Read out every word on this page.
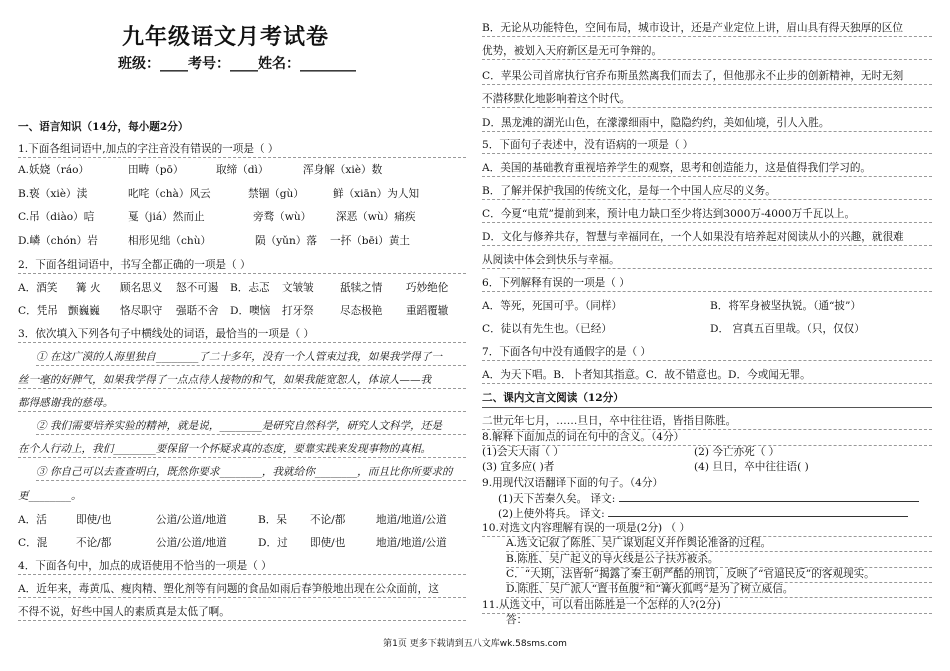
九年级语文月考试卷
班级：____考号：____姓名：________
一、语言知识（14分，每小题2分）
1.下面各组词语中,加点的字注音没有错误的一项是（ ）
A.妖娆（ráo）	田畴（pō）	取缔（dì）	浑身解（xiè）数
B.亵（xiè）渎	叱咤（chà）风云	禁锢（gù）	鲜（xiān）为人知
C.吊（diào）唁	戛（jiá）然而止	旁骛（wù） 深恶（wù）痛疾
D.嶙（chón）岩	相形见绌（chù）	陨（yǔn）落 一抔（bēi）黄土
2．下面各组词语中，书写全都正确的一项是（ ）
A．酒笑 篝 火 顾名思义 怒不可遏 B．忐忑 文皱皱 舐犊之情 巧妙绝伦
C．凭吊 颤巍巍 恪尽职守 强聒不舍 D．噢恼 打牙祭 尽态极艳 重蹈覆辙
3．依次填入下列各句子中横线处的词语，最恰当的一项是（ ）
① 在这广漠的人海里独自________了二十多年，没有一个人管束过我，如果我学得了一
丝一毫的好脾气，如果我学得了一点点待人接物的和气，如果我能宽恕人，体谅人——我
都得感谢我的慈母。
② 我们需要培养实验的精神，就是说，________是研究自然科学，研究人文科学，还是
在个人行动上，我们________要保留一个怀疑求真的态度，要靠实践来发现事物的真相。
③ 你自己可以去查查明白，既然你要求________，我就给你________，而且比你所要求的
更________。
A．活	即使/也	公道/公道/地道	B．呆 不论/都	地道/地道/公道
C．混	不论/都	公道/公道/地道	D．过 即使/也	地道/地道/公道
4．下面各句中，加点的成语使用不恰当的一项是（ ）
A．近年来，毒黄瓜、瘦肉精、塑化剂等有问题的食品如雨后春笋般地出现在公众面前，这
不得不说，好些中国人的素质真是太低了啊。
B．无论从功能特色，空间布局，城市设计，还是产业定位上讲，眉山具有得天独厚的区位
优势，被划入天府新区是无可争辩的。
C．苹果公司首席执行官乔布斯虽然离我们而去了，但他那永不止步的创新精神，无时无刻
不潜移默化地影响着这个时代。
D．黑龙滩的湖光山色，在濛濛细雨中，隐隐约约，美如仙境，引人入胜。
5．下面句子表述中，没有语病的一项是（ ）
A．美国的基础教育重视培养学生的观察，思考和创造能力，这是值得我们学习的。
B．了解并保护我国的传统文化，是每一个中国人应尽的义务。
C．今夏“电荒”提前到来，预计电力缺口至少将达到3000万-4000万千瓦以上。
D．文化与修养共存，智慧与幸福同在，一个人如果没有培养起对阅读从小的兴趣，就很难
从阅读中体会到快乐与幸福。
6．下列解释有误的一项是（ ）
A．等死，死国可乎。（同样）	B．将军身被坚执锐。（通“披”）
C．徒以有先生也。（已经）	D． 宫真五百里哉。（只，仅仅）
7．下面各句中没有通假字的是（ ）
A．为天下唱。B．卜者知其指意。C．故不错意也。D．今或闻无罪。
二、课内文言文阅读（12分）
二世元年七月，……旦日，卒中往往语，皆指目陈胜。
8.解释下面加点的词在句中的含义。（4分）
(1)会天大雨（ ）	(2) 今亡亦死（ ）
(3) 宜多应( )者	(4) 旦日，卒中往往语( )
9.用现代汉语翻译下面的句子。（4分）
(1)天下苦秦久矣。 译文:
(2)上使外将兵。 译文:
10.对选文内容理解有误的一项是(2分) （ ）
A.选文记叙了陈胜、吴广谋划起义并作舆论准备的过程。
B.陈胜、吴广起义的导火线是公子扶苏被杀。
C．“大期，法皆斩”揭露了秦王朝严酷的刑罚，反映了“官逼民反”的客观现实。
D.陈胜、吴广派人“置书鱼腹”和“篝火狐鸣”是为了树立威信。
11.从选文中，可以看出陈胜是一个怎样的人?(2分)
答：
第1页 更多下载请到五八文库wk.58sms.com
